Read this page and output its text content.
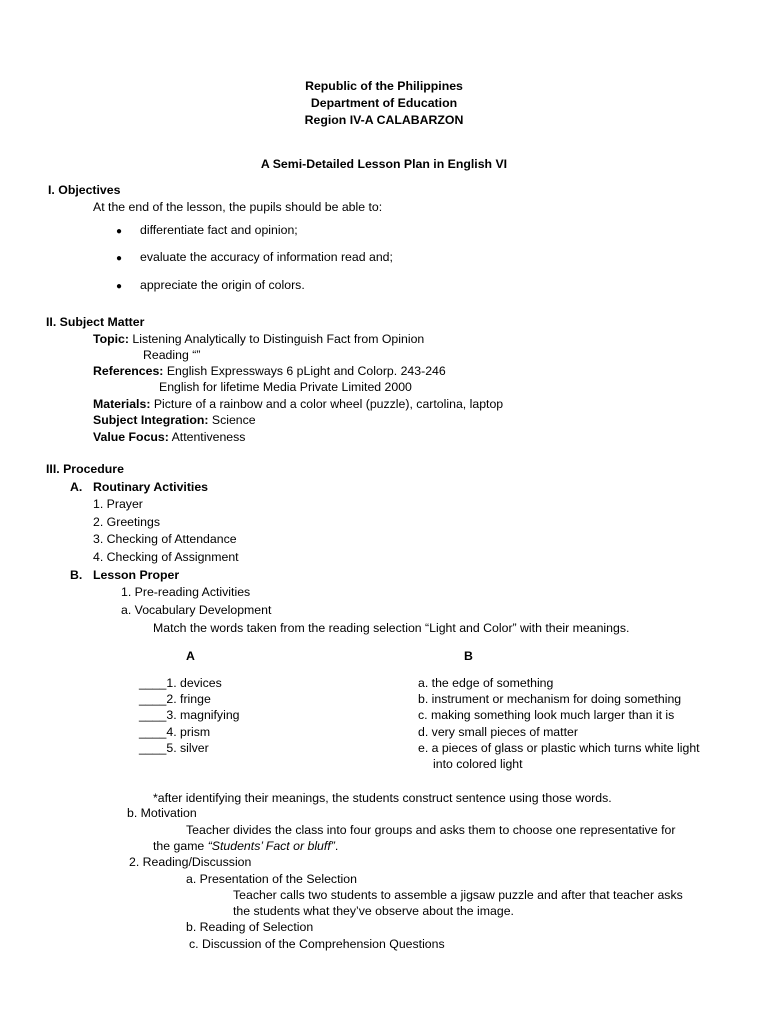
Republic of the Philippines
Department of Education
Region IV-A CALABARZON
A Semi-Detailed Lesson Plan in English VI
I. Objectives
At the end of the lesson, the pupils should be able to:
● differentiate fact and opinion;
● evaluate the accuracy of information read and;
● appreciate the origin of colors.
II. Subject Matter
Topic: Listening Analytically to Distinguish Fact from Opinion
Reading “”
References: English Expressways 6 pLight and Colorp. 243-246
English for lifetime Media Private Limited 2000
Materials: Picture of a rainbow and a color wheel (puzzle), cartolina, laptop
Subject Integration: Science
Value Focus: Attentiveness
III. Procedure
A. Routinary Activities
1. Prayer
2. Greetings
3. Checking of Attendance
4. Checking of Assignment
B. Lesson Proper
1. Pre-reading Activities
a. Vocabulary Development
Match the words taken from the reading selection “Light and Color” with their meanings.
A	B
____1. devices
____2. fringe
____3. magnifying
____4. prism
____5. silver
a. the edge of something
b. instrument or mechanism for doing something
c. making something look much larger than it is
d. very small pieces of matter
e. a pieces of glass or plastic which turns white light
into colored light
*after identifying their meanings, the students construct sentence using those words.
b. Motivation
Teacher divides the class into four groups and asks them to choose one representative for
the game “Students’ Fact or bluff”.
2. Reading/Discussion
a. Presentation of the Selection
Teacher calls two students to assemble a jigsaw puzzle and after that teacher asks
the students what they’ve observe about the image.
b. Reading of Selection
c. Discussion of the Comprehension Questions
